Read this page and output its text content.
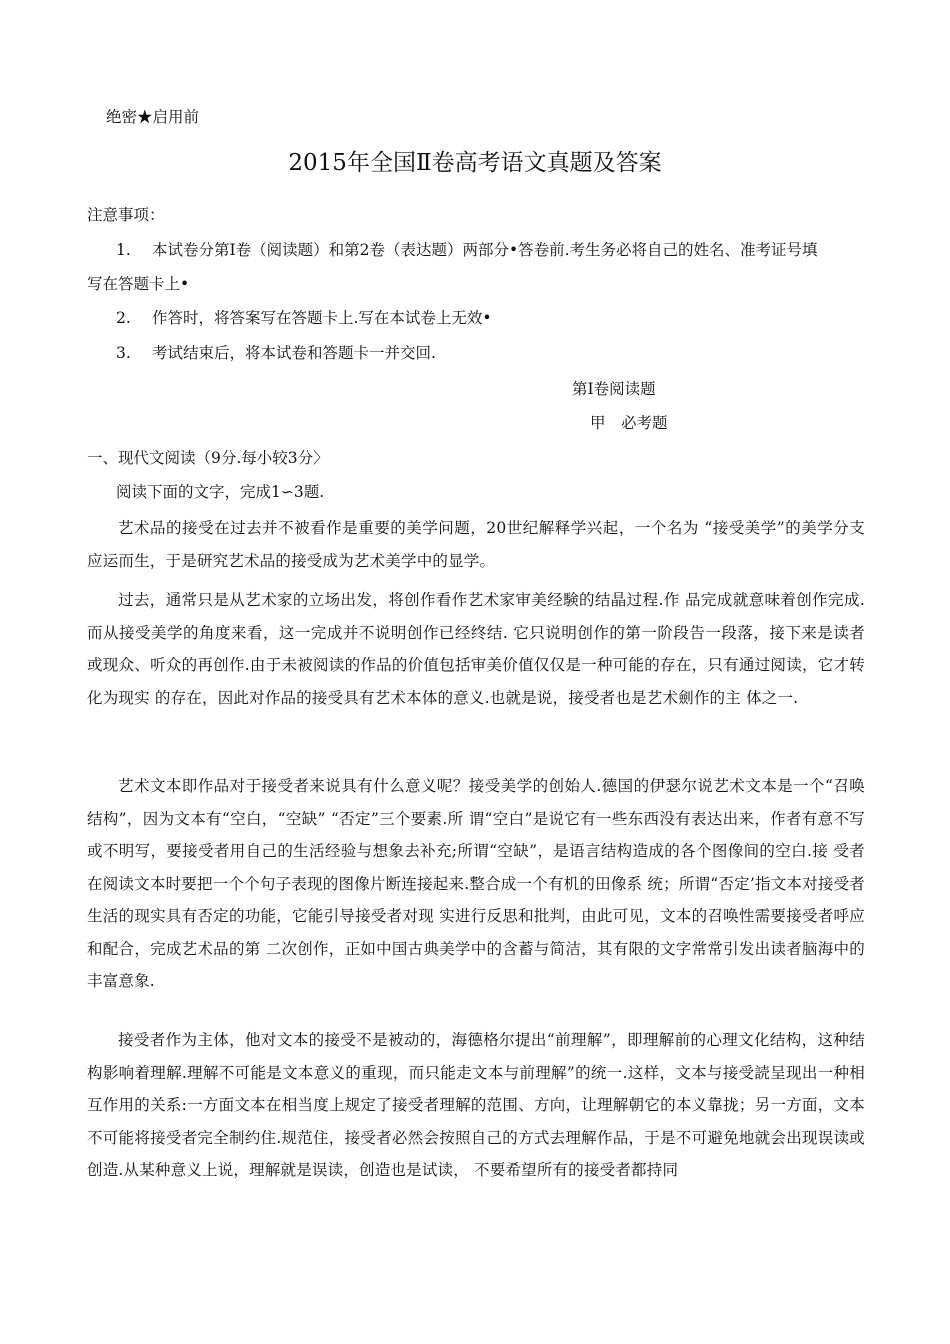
绝密★启用前

2015年全国Ⅱ卷高考语文真题及答案

注意事项：

1. 本试卷分第Ⅰ卷（阅读题）和第2卷（表达题）两部分•答卷前.考生务必将自己的姓名、准考证号填

写在答题卡上•

2. 作答时，将答案写在答题卡上.写在本试卷上无效•

3. 考试结束后，将本试卷和答题卡一并交回.

第Ⅰ卷阅读题

甲　必考题

一、现代文阅读（9分.每小较3分〉

阅读下面的文字，完成1∽3题.

艺术品的接受在过去并不被看作是重要的美学问题，20世纪解释学兴起，一个名为 “接受美学”的美学分支应运而生，于是研究艺术品的接受成为艺术美学中的显学。

过去，通常只是从艺术家的立场出发，将创作看作艺术家审美经験的结晶过程.作 品完成就意味着创作完成.而从接受美学的角度来看，这一完成并不说明创作已经终结. 它只说明创作的第一阶段告一段落，接下来是读者或现众、听众的再创作.由于未被阅读的作品的价值包括审美价值仅仅是一种可能的存在，只有通过阅读，它才转化为现实 的存在，因此对作品的接受具有艺术本体的意义.也就是说，接受者也是艺术劍作的主 体之一.

艺术文本即作品对于接受者来说具有什么意义呢？接受美学的创始人.德国的伊瑟尔说艺术文本是一个“召唤结构”，因为文本有“空白，“空缺” “否定”三个要素.所 谓“空白”是说它有一些东西没有表达出来，作者有意不写或不明写，要接受者用自己的生活经验与想象去补充;所谓“空缺”，是语言结构造成的各个图像间的空白.接 受者在阅读文本时要把一个个句子表现的图像片断连接起来.整合成一个有机的田像系 统；所谓“否定’指文本对接受者生活的现实具有否定的功能，它能引导接受者对现 实进行反思和批判，由此可见，文本的召唤性需要接受者呼应和配合，完成艺术品的第 二次创作，正如中国古典美学中的含蓄与简洁，其有限的文字常常引发出读者脑海中的 丰富意象.

接受者作为主体，他对文本的接受不是被动的，海德格尔提出“前理解”，即理解前的心理文化结构，这种结构影响着理解.理解不可能是文本意义的重现，而只能走文本与前理解”的统一.这样，文本与接受読呈现出一种相互作用的关系:一方面文本在相当度上规定了接受者理解的范围、方向，让理解朝它的本义靠拢；另一方面，文本不可能将接受者完全制约住.规范住，接受者必然会按照自己的方式去理解作品，于是不可避免地就会出现误读或创造.从某种意义上说，理解就是误读，创造也是试读， 不要希望所有的接受者都持同
